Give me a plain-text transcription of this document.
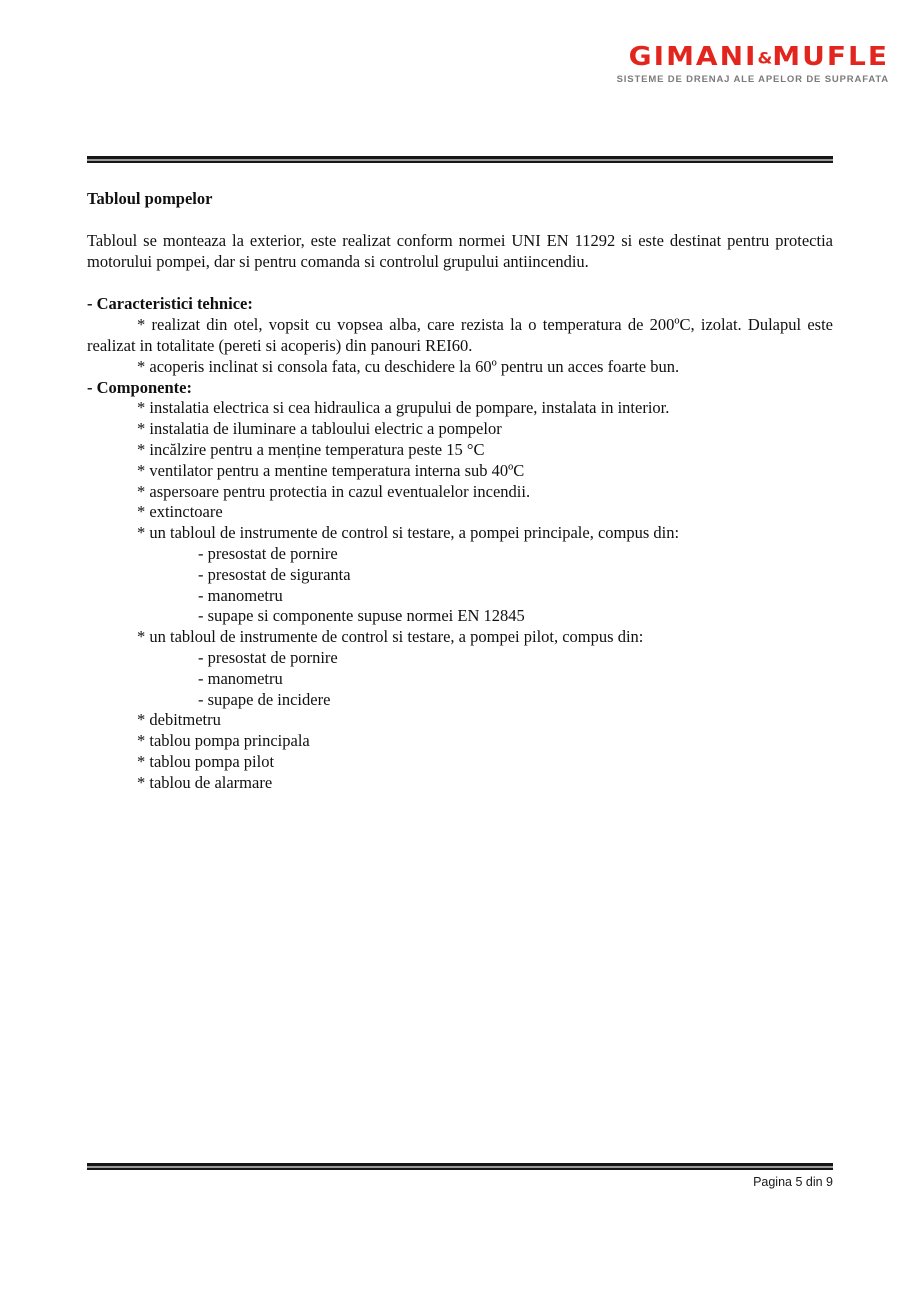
GIMANI&MUFLE
SISTEME DE DRENAJ ALE APELOR DE SUPRAFATA
Tabloul pompelor
Tabloul se monteaza la exterior, este realizat conform normei UNI EN 11292 si este destinat pentru protectia motorului pompei, dar si pentru comanda si controlul grupului antiincendiu.
- Caracteristici tehnice:
* realizat din otel, vopsit cu vopsea alba, care rezista la o temperatura de 200ºC, izolat. Dulapul este realizat in totalitate (pereti si acoperis) din panouri REI60.
* acoperis inclinat si consola fata, cu deschidere la 60º pentru un acces foarte bun.
- Componente:
* instalatia electrica si cea hidraulica a grupului de pompare, instalata in interior.
* instalatia de iluminare a tabloului electric a pompelor
* incălzire pentru a menține temperatura peste 15 °C
* ventilator pentru a mentine temperatura interna sub 40ºC
* aspersoare pentru protectia in cazul eventualelor incendii.
* extinctoare
* un tabloul de instrumente de control si testare, a pompei principale, compus din:
- presostat de pornire
- presostat de siguranta
- manometru
- supape si componente supuse normei EN 12845
* un tabloul de instrumente de control si testare, a pompei pilot, compus din:
- presostat de pornire
- manometru
- supape de incidere
* debitmetru
* tablou pompa principala
* tablou pompa pilot
* tablou de alarmare
Pagina 5 din 9
